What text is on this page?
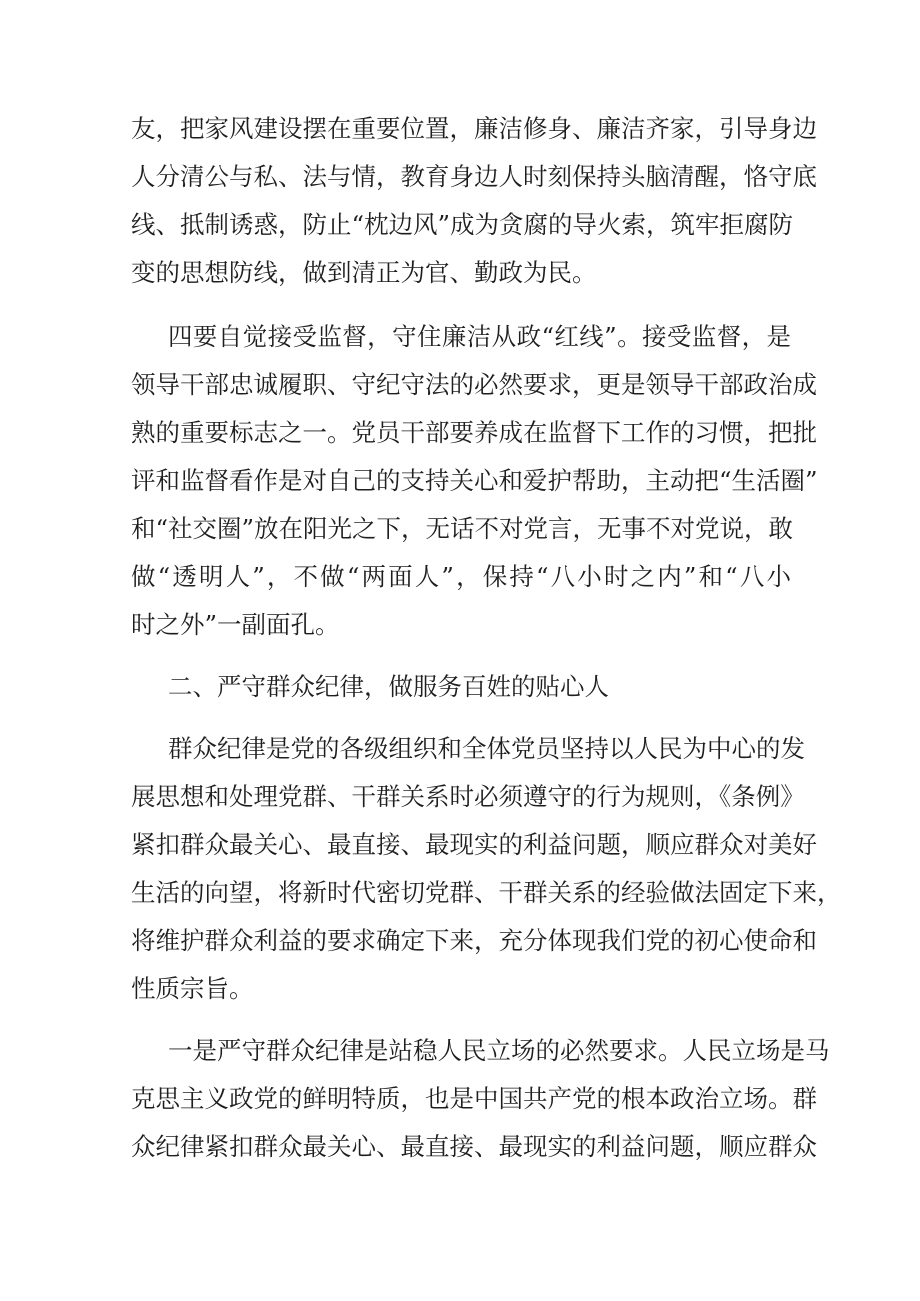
友，把家风建设摆在重要位置，廉洁修身、廉洁齐家，引导身边

人分清公与私、法与情，教育身边人时刻保持头脑清醒，恪守底

线、抵制诱惑，防止“枕边风”成为贪腐的导火索，筑牢拒腐防

变的思想防线，做到清正为官、勤政为民。

四要自觉接受监督，守住廉洁从政“红线”。接受监督，是

领导干部忠诚履职、守纪守法的必然要求，更是领导干部政治成

熟的重要标志之一。党员干部要养成在监督下工作的习惯，把批

评和监督看作是对自己的支持关心和爱护帮助，主动把“生活圈”

和“社交圈”放在阳光之下，无话不对党言，无事不对党说，敢

做“透明人”，不做“两面人”，保持“八小时之内”和“八小

时之外”一副面孔。

二、严守群众纪律，做服务百姓的贴心人

群众纪律是党的各级组织和全体党员坚持以人民为中心的发

展思想和处理党群、干群关系时必须遵守的行为规则，《条例》

紧扣群众最关心、最直接、最现实的利益问题，顺应群众对美好

生活的向望，将新时代密切党群、干群关系的经验做法固定下来，

将维护群众利益的要求确定下来，充分体现我们党的初心使命和

性质宗旨。

一是严守群众纪律是站稳人民立场的必然要求。人民立场是马

克思主义政党的鲜明特质，也是中国共产党的根本政治立场。群

众纪律紧扣群众最关心、最直接、最现实的利益问题，顺应群众
